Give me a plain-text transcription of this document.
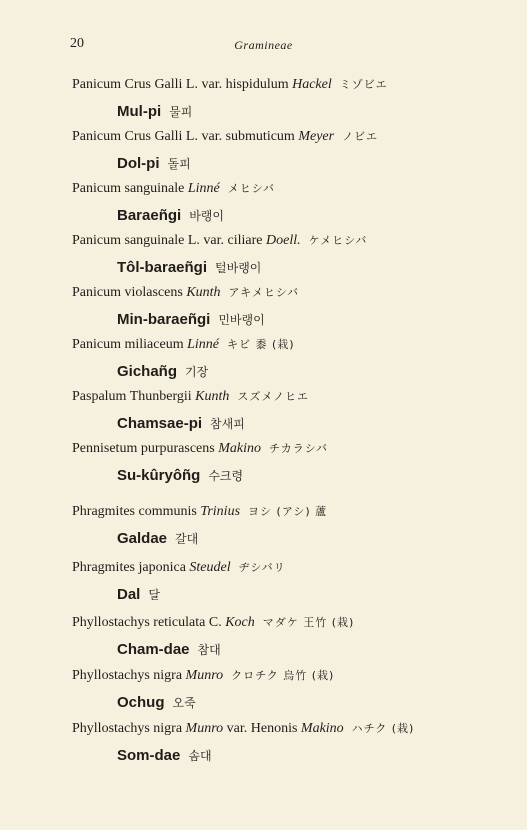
20	Gramineae
Panicum Crus Galli L. var. hispidulum Hackel ミゾビエ
Mul-pi 물피
Panicum Crus Galli L. var. submuticum Meyer ノビエ
Dol-pi 돌피
Panicum sanguinale Linné メヒシバ
Baraeñgi 바랭이
Panicum sanguinale L. var. ciliare Doell. ケメヒシバ
Tôl-baraeñgi 털바랭이
Panicum violascens Kunth アキメヒシバ
Min-baraeñgi 민바랭이
Panicum miliaceum Linné キビ 黍 (栽)
Gichañg 기장
Paspalum Thunbergii Kunth スズメノヒエ
Chamsae-pi 참새피
Pennisetum purpurascens Makino チカラシバ
Su-kûryôñg 수크령
Phragmites communis Trinius ヨシ (アシ) 蘆
Galdae 갈대
Phragmites japonica Steudel ヂシバリ
Dal 달
Phyllostachys reticulata C. Koch マダケ 王竹 (栽)
Cham-dae 참대
Phyllostachys nigra Munro クロチク 烏竹 (栽)
Ochug 오죽
Phyllostachys nigra Munro var. Henonis Makino ハチク (栽)
Som-dae 솜대
